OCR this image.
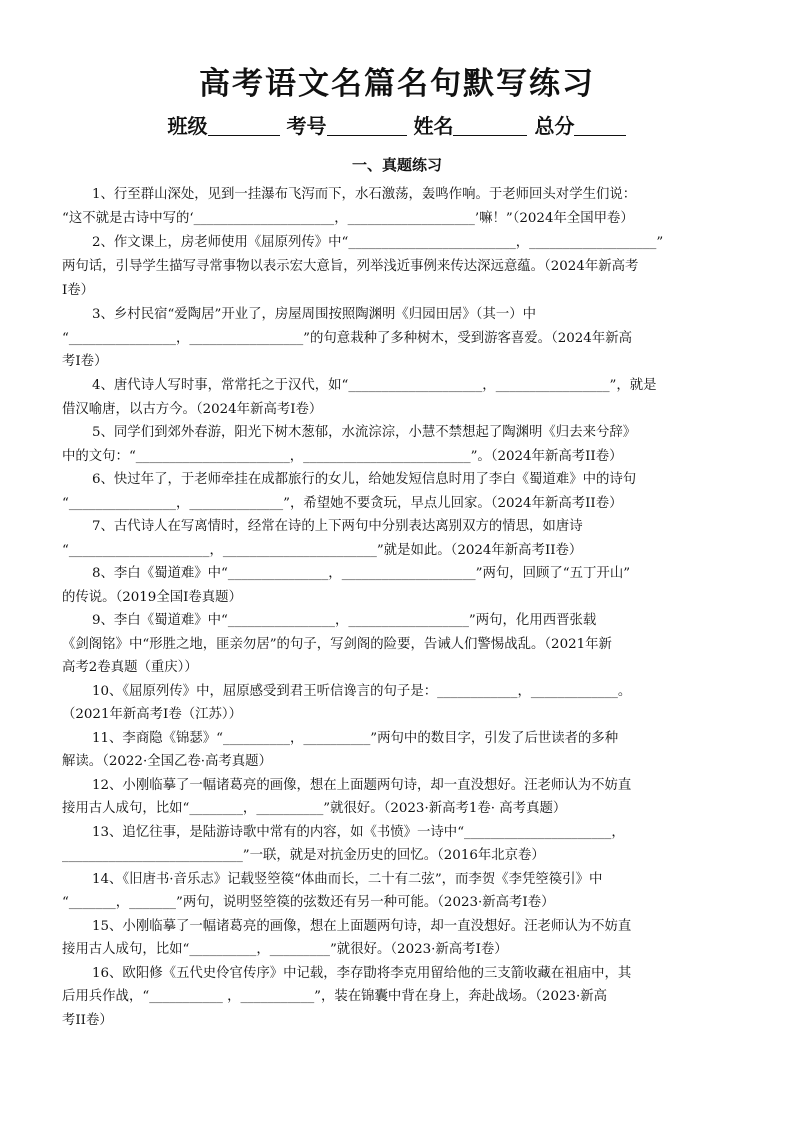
高考语文名篇名句默写练习
班级	考号	姓名	总分
一、真题练习
1、行至群山深处，见到一挂瀑布飞泻而下，水石激荡，轰鸣作响。于老师回头对学生们说：
“这不就是古诗中写的‘_____________________，___________________’嘛！”（2024年全国甲卷）
2、作文课上，房老师使用《屈原列传》中“_________________________，___________________”
两句话，引导学生描写寻常事物以表示宏大意旨，列举浅近事例来传达深远意蕴。（2024年新高考
I卷）
3、乡村民宿“爱陶居”开业了，房屋周围按照陶渊明《归园田居》（其一）中
“________________，_________________”的句意栽种了多种树木，受到游客喜爱。（2024年新高
考I卷）
4、唐代诗人写时事，常常托之于汉代，如“____________________，_________________”，就是
借汉喻唐，以古方今。（2024年新高考I卷）
5、同学们到郊外春游，阳光下树木葱郁，水流淙淙，小慧不禁想起了陶渊明《归去来兮辞》
中的文句：“_______________________，_________________________”。（2024年新高考II卷）
6、快过年了，于老师牵挂在成都旅行的女儿，给她发短信息时用了李白《蜀道难》中的诗句
“________________，______________”，希望她不要贪玩，早点儿回家。（2024年新高考II卷）
7、古代诗人在写离情时，经常在诗的上下两句中分别表达离别双方的情思，如唐诗
“_____________________，_______________________”就是如此。（2024年新高考II卷）
8、李白《蜀道难》中“_______________，____________________”两句，回顾了“五丁开山”
的传说。（2019全国I卷真题）
9、李白《蜀道难》中“________________，__________________”两句，化用西晋张载
《剑阁铭》中“形胜之地，匪亲勿居”的句子，写剑阁的险要，告诫人们警惕战乱。（2021年新
高考2卷真题（重庆））
10、《屈原列传》中，屈原感受到君王听信谗言的句子是：____________，_____________。
（2021年新高考I卷（江苏））
11、李商隐《锦瑟》“__________，__________”两句中的数目字，引发了后世读者的多种
解读。（2022·全国乙卷·高考真题）
12、小刚临摹了一幅诸葛亮的画像，想在上面题两句诗，却一直没想好。汪老师认为不妨直
接用古人成句，比如“________，__________”就很好。（2023·新高考1卷· 高考真题）
13、追忆往事，是陆游诗歌中常有的内容，如《书愤》一诗中“______________________，
___________________________”一联，就是对抗金历史的回忆。（2016年北京卷）
14、《旧唐书·音乐志》记载竖箜篌“体曲而长，二十有二弦”，而李贺《李凭箜篌引》中
“_______，_______”两句，说明竖箜篌的弦数还有另一种可能。（2023·新高考I卷）
15、小刚临摹了一幅诸葛亮的画像，想在上面题两句诗，却一直没想好。汪老师认为不妨直
接用古人成句，比如“__________，_________”就很好。（2023·新高考I卷）
16、欧阳修《五代史伶官传序》中记载，李存勖将李克用留给他的三支箭收藏在祖庙中，其
后用兵作战，“___________ ，___________”，装在锦囊中背在身上，奔赴战场。（2023·新高
考II卷）
